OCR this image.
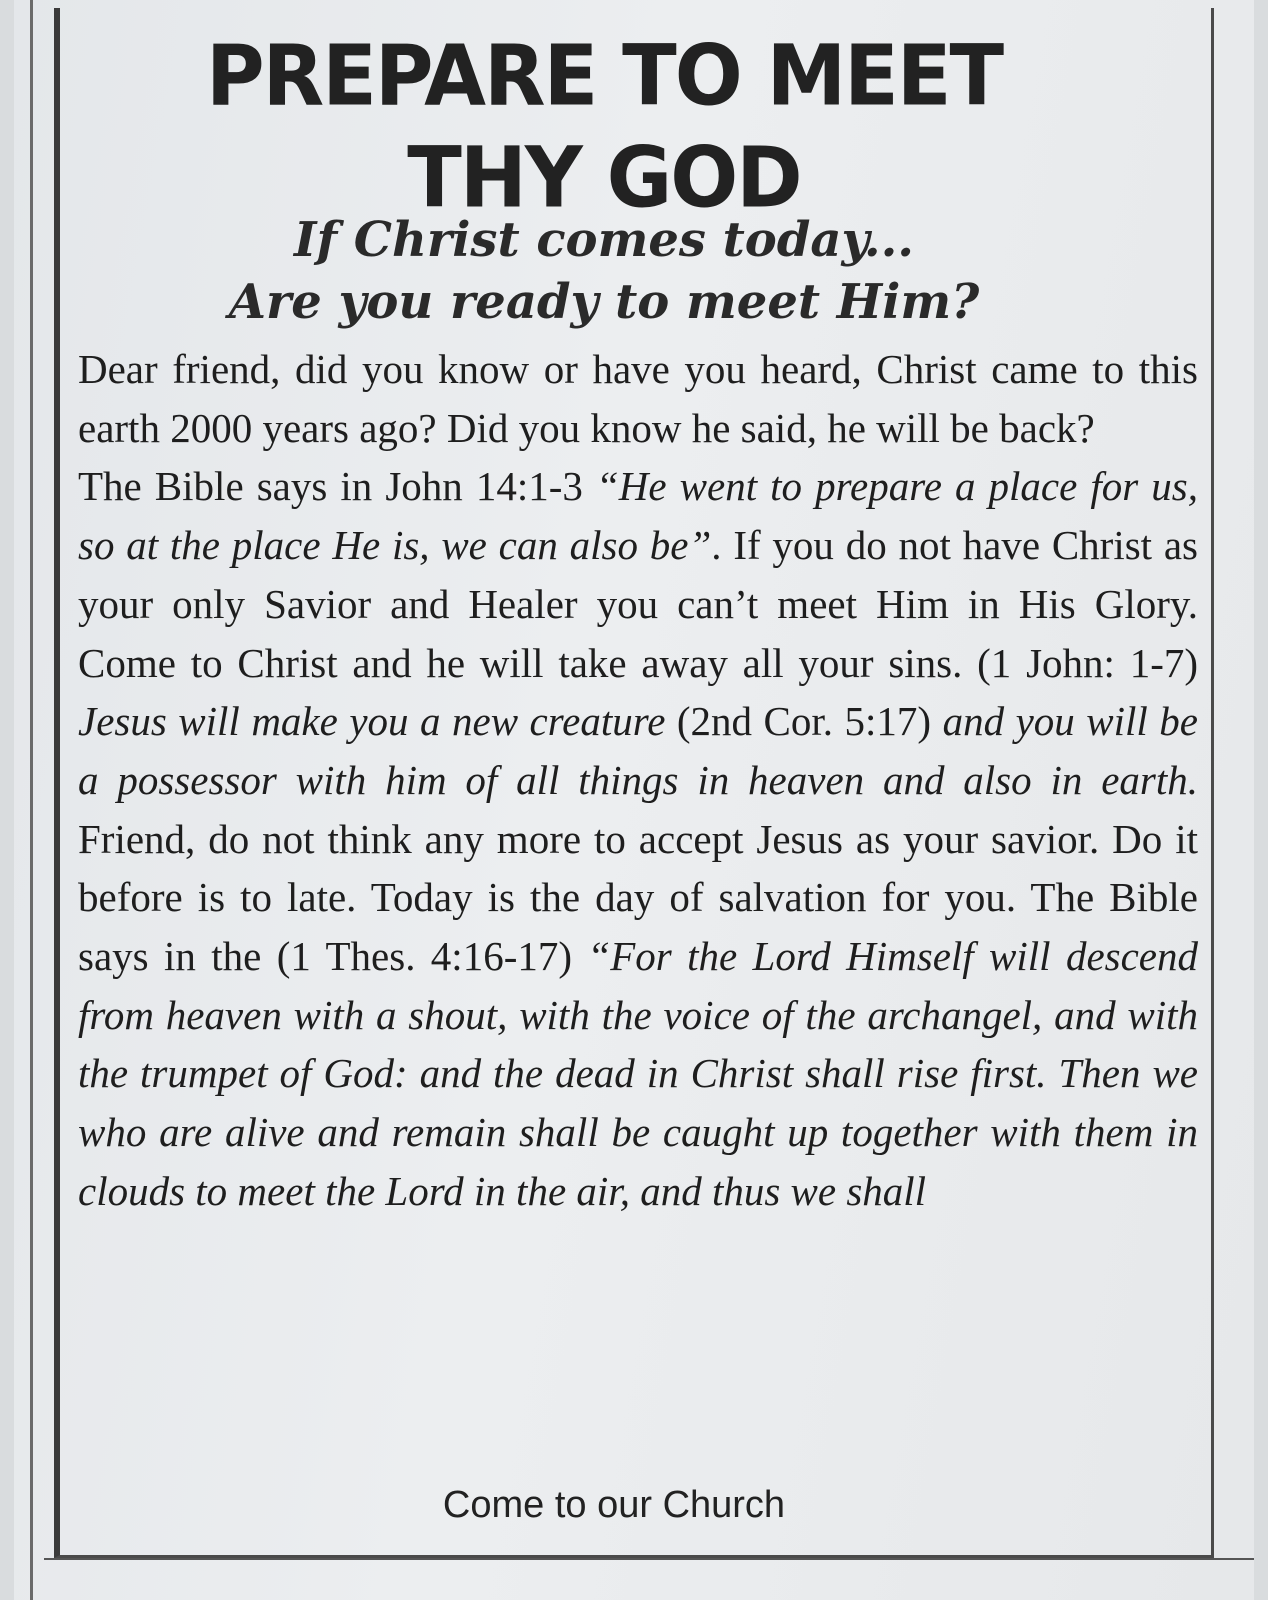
PREPARE TO MEET
THY GOD
If Christ comes today...
Are you ready to meet Him?

Dear friend, did you know or have you heard, Christ came to this earth 2000 years ago? Did you know he said, he will be back?

The Bible says in John 14:1-3 “He went to prepare a place for us, so at the place He is, we can also be”. If you do not have Christ as your only Savior and Healer you can’t meet Him in His Glory. Come to Christ and he will take away all your sins. (1 John: 1-7) Jesus will make you a new creature (2nd Cor. 5:17) and you will be a possessor with him of all things in heaven and also in earth. Friend, do not think any more to accept Jesus as your savior. Do it before is to late. Today is the day of salvation for you. The Bible says in the (1 Thes. 4:16-17) “For the Lord Himself will descend from heaven with a shout, with the voice of the archangel, and with the trumpet of God: and the dead in Christ shall rise first. Then we who are alive and remain shall be caught up together with them in clouds to meet the Lord in the air, and thus we shall

Come to our Church
